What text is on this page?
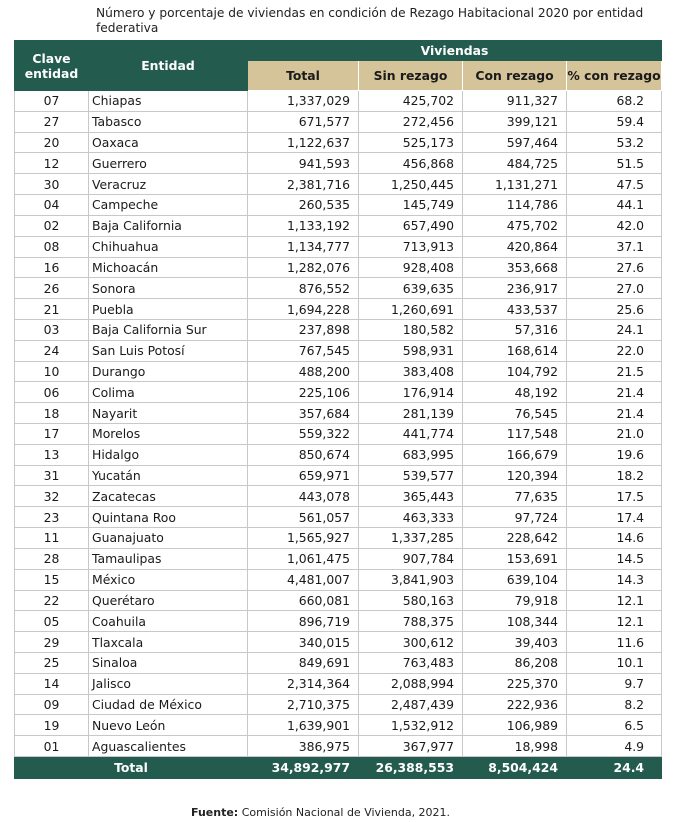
Número y porcentaje de viviendas en condición de Rezago Habitacional 2020 por entidad federativa
Clave entidad	Entidad	Viviendas			
		Total	Sin rezago	Con rezago	% con rezago
07	Chiapas	1,337,029	425,702	911,327	68.2
27	Tabasco	671,577	272,456	399,121	59.4
20	Oaxaca	1,122,637	525,173	597,464	53.2
12	Guerrero	941,593	456,868	484,725	51.5
30	Veracruz	2,381,716	1,250,445	1,131,271	47.5
04	Campeche	260,535	145,749	114,786	44.1
02	Baja California	1,133,192	657,490	475,702	42.0
08	Chihuahua	1,134,777	713,913	420,864	37.1
16	Michoacán	1,282,076	928,408	353,668	27.6
26	Sonora	876,552	639,635	236,917	27.0
21	Puebla	1,694,228	1,260,691	433,537	25.6
03	Baja California Sur	237,898	180,582	57,316	24.1
24	San Luis Potosí	767,545	598,931	168,614	22.0
10	Durango	488,200	383,408	104,792	21.5
06	Colima	225,106	176,914	48,192	21.4
18	Nayarit	357,684	281,139	76,545	21.4
17	Morelos	559,322	441,774	117,548	21.0
13	Hidalgo	850,674	683,995	166,679	19.6
31	Yucatán	659,971	539,577	120,394	18.2
32	Zacatecas	443,078	365,443	77,635	17.5
23	Quintana Roo	561,057	463,333	97,724	17.4
11	Guanajuato	1,565,927	1,337,285	228,642	14.6
28	Tamaulipas	1,061,475	907,784	153,691	14.5
15	México	4,481,007	3,841,903	639,104	14.3
22	Querétaro	660,081	580,163	79,918	12.1
05	Coahuila	896,719	788,375	108,344	12.1
29	Tlaxcala	340,015	300,612	39,403	11.6
25	Sinaloa	849,691	763,483	86,208	10.1
14	Jalisco	2,314,364	2,088,994	225,370	9.7
09	Ciudad de México	2,710,375	2,487,439	222,936	8.2
19	Nuevo León	1,639,901	1,532,912	106,989	6.5
01	Aguascalientes	386,975	367,977	18,998	4.9
Total		34,892,977	26,388,553	8,504,424	24.4
Fuente: Comisión Nacional de Vivienda, 2021.
